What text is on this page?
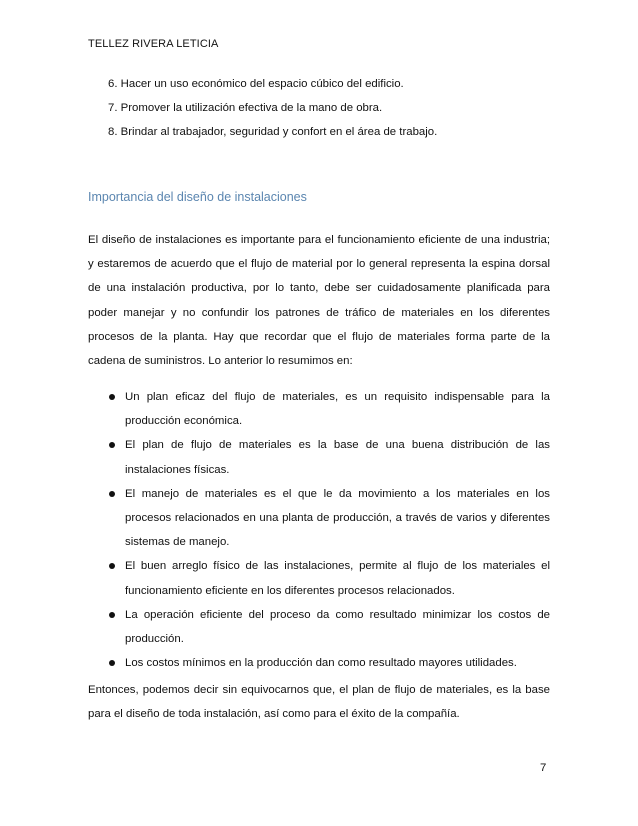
TELLEZ RIVERA LETICIA
6. Hacer un uso económico del espacio cúbico del edificio.
7. Promover la utilización efectiva de la mano de obra.
8. Brindar al trabajador, seguridad y confort en el área de trabajo.
Importancia del diseño de instalaciones

El diseño de instalaciones es importante para el funcionamiento eficiente de una industria; y estaremos de acuerdo que el flujo de material por lo general representa la espina dorsal de una instalación productiva, por lo tanto, debe ser cuidadosamente planificada para poder manejar y no confundir los patrones de tráfico de materiales en los diferentes procesos de la planta. Hay que recordar que el flujo de materiales forma parte de la cadena de suministros. Lo anterior lo resumimos en:

Un plan eficaz del flujo de materiales, es un requisito indispensable para la producción económica.
El plan de flujo de materiales es la base de una buena distribución de las instalaciones físicas.
El manejo de materiales es el que le da movimiento a los materiales en los procesos relacionados en una planta de producción, a través de varios y diferentes sistemas de manejo.
El buen arreglo físico de las instalaciones, permite al flujo de los materiales el funcionamiento eficiente en los diferentes procesos relacionados.
La operación eficiente del proceso da como resultado minimizar los costos de producción.
Los costos mínimos en la producción dan como resultado mayores utilidades.

Entonces, podemos decir sin equivocarnos que, el plan de flujo de materiales, es la base para el diseño de toda instalación, así como para el éxito de la compañía.

7
